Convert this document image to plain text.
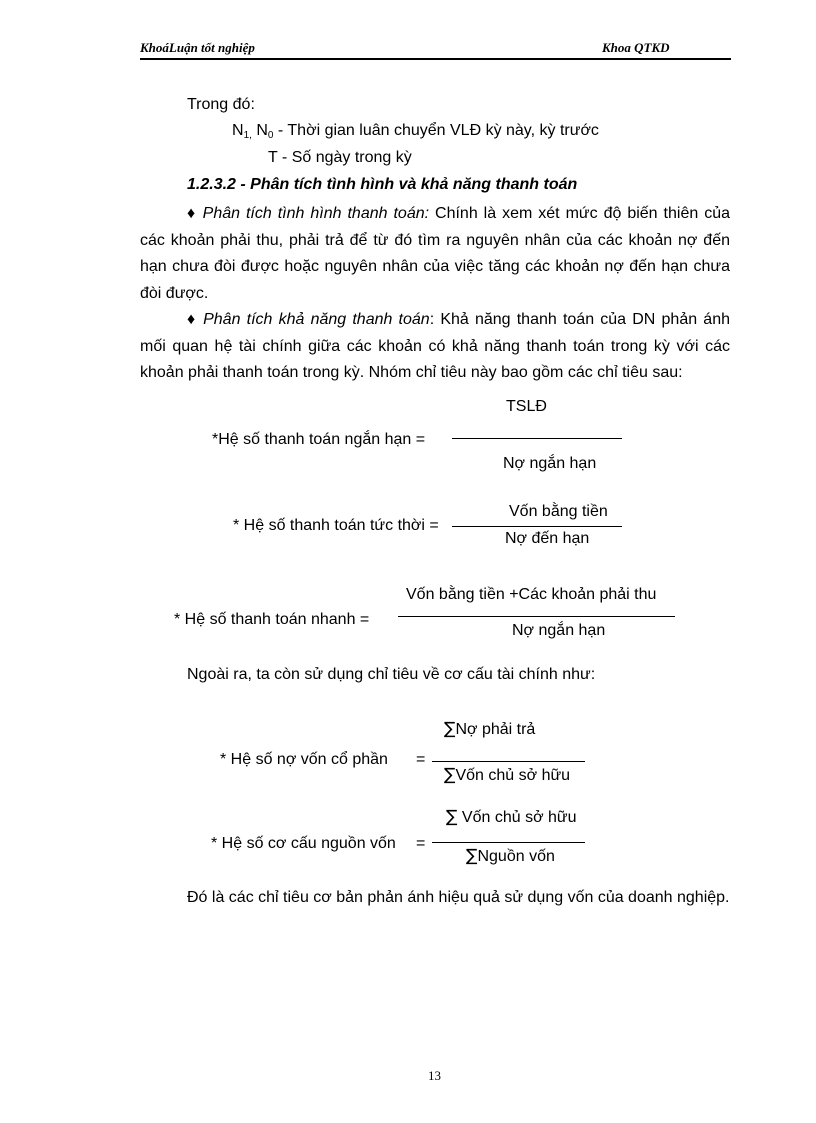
KhoáLuận tốt nghiệp	Khoa QTKD
Trong đó:
$N_{1,}$ $N_0$ - Thời gian luân chuyển VLĐ kỳ này, kỳ trước
T - Số ngày trong kỳ
1.2.3.2 - Phân tích tình hình và khả năng thanh toán
♦ Phân tích tình hình thanh toán: Chính là xem xét mức độ biến thiên của các khoản phải thu, phải trả để từ đó tìm ra nguyên nhân của các khoản nợ đến hạn chưa đòi được hoặc nguyên nhân của việc tăng các khoản nợ đến hạn chưa đòi được.
♦ Phân tích khả năng thanh toán: Khả năng thanh toán của DN phản ánh mối quan hệ tài chính giữa các khoản có khả năng thanh toán trong kỳ với các khoản phải thanh toán trong kỳ. Nhóm chỉ tiêu này bao gồm các chỉ tiêu sau:
*Hệ số thanh toán ngắn hạn =
TSLĐ
Nợ ngắn hạn
* Hệ số thanh toán tức thời =
Vốn bằng tiền
Nợ đến hạn
* Hệ số thanh toán nhanh =
Vốn bằng tiền +Các khoản phải thu
Nợ ngắn hạn
Ngoài ra, ta còn sử dụng chỉ tiêu về cơ cấu tài chính như:
* Hệ số nợ vốn cổ phần =
∑Nợ phải trả
∑Vốn chủ sở hữu
* Hệ số cơ cấu nguồn vốn =
∑ Vốn chủ sở hữu
∑Nguồn vốn
Đó là các chỉ tiêu cơ bản phản ánh hiệu quả sử dụng vốn của doanh nghiệp.
13
